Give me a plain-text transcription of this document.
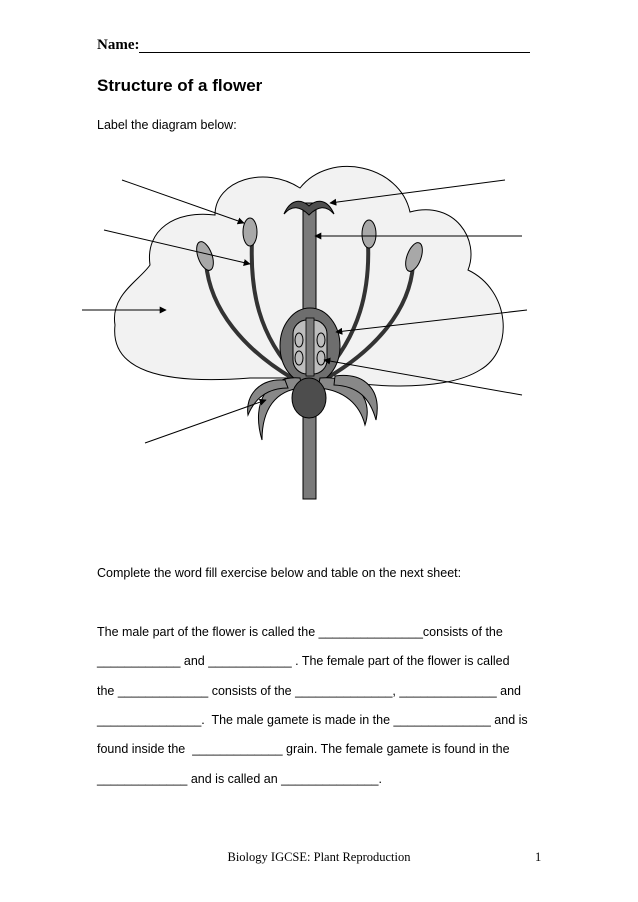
Name:
Structure of a flower
Label the diagram below:
Complete the word fill exercise below and table on the next sheet:
The male part of the flower is called the _______________consists of the
____________ and ____________ . The female part of the flower is called
the _____________ consists of the ______________, ______________ and
_______________.  The male gamete is made in the ______________ and is
found inside the  _____________ grain. The female gamete is found in the
_____________ and is called an ______________.
Biology IGCSE: Plant Reproduction	1
